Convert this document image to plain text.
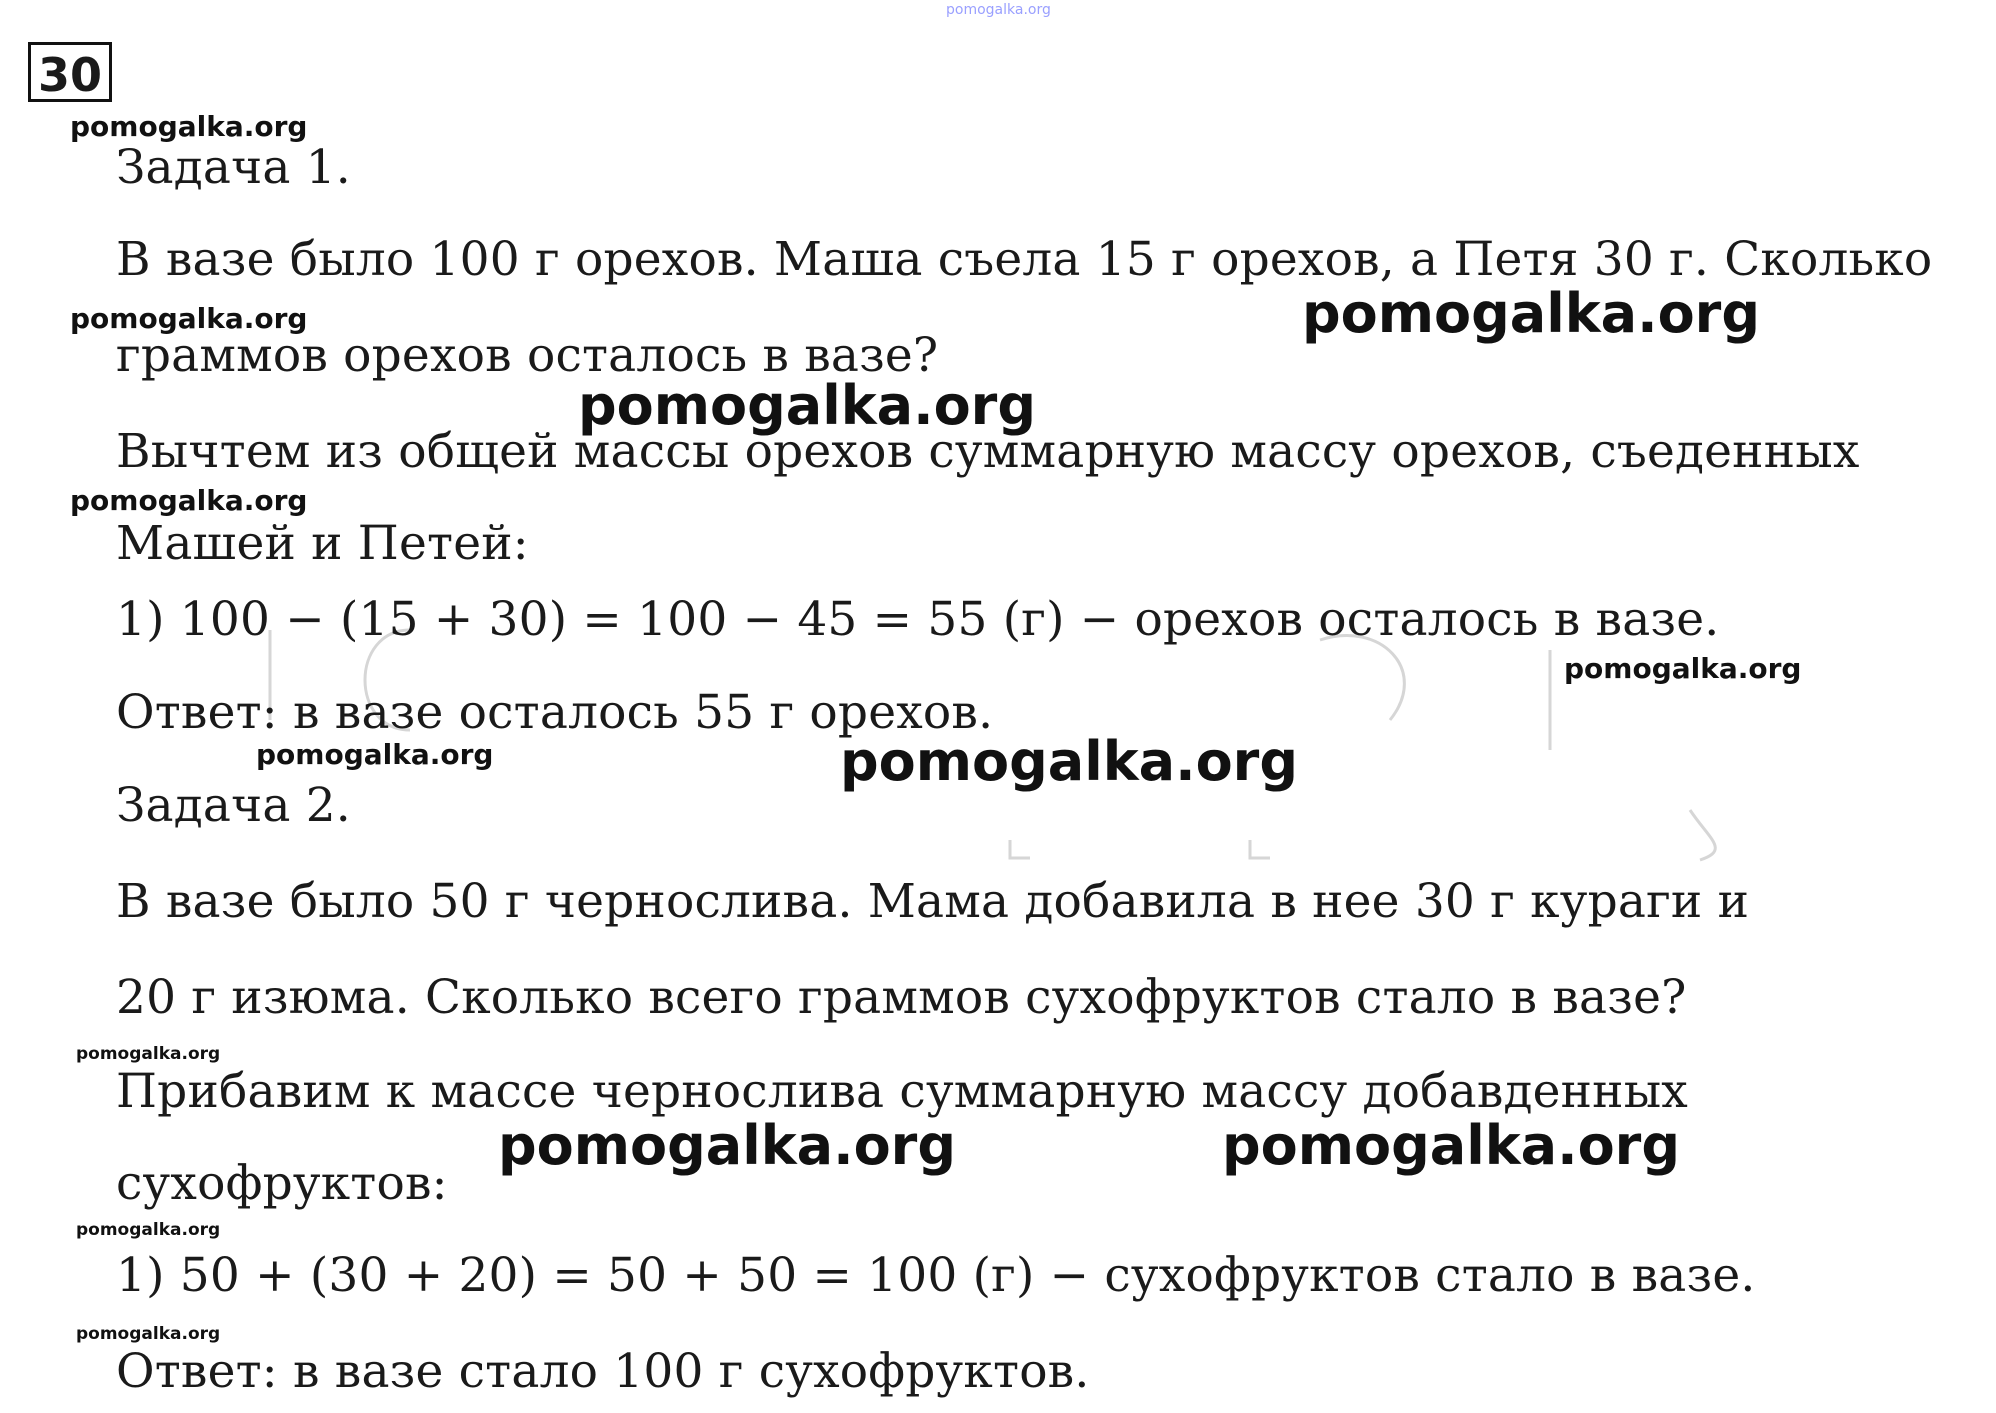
pomogalka.org
30
Задача 1.
В вазе было 100 г орехов. Маша съела 15 г орехов, а Петя 30 г. Сколько
граммов орехов осталось в вазе?
Вычтем из общей массы орехов суммарную массу орехов, съеденных
Машей и Петей:
1) 100 − (15 + 30) = 100 − 45 = 55 (г) − орехов осталось в вазе.
Ответ: в вазе осталось 55 г орехов.
Задача 2.
В вазе было 50 г чернослива. Мама добавила в нее 30 г кураги и
20 г изюма. Сколько всего граммов сухофруктов стало в вазе?
Прибавим к массе чернослива суммарную массу добавденных
сухофруктов:
1) 50 + (30 + 20) = 50 + 50 = 100 (г) − сухофруктов стало в вазе.
Ответ: в вазе стало 100 г сухофруктов.
pomogalka.org
pomogalka.org	pomogalka.org
pomogalka.org
pomogalka.org
pomogalka.org
pomogalka.org	pomogalka.org
pomogalka.org
pomogalka.org	pomogalka.org
pomogalka.org
pomogalka.org
